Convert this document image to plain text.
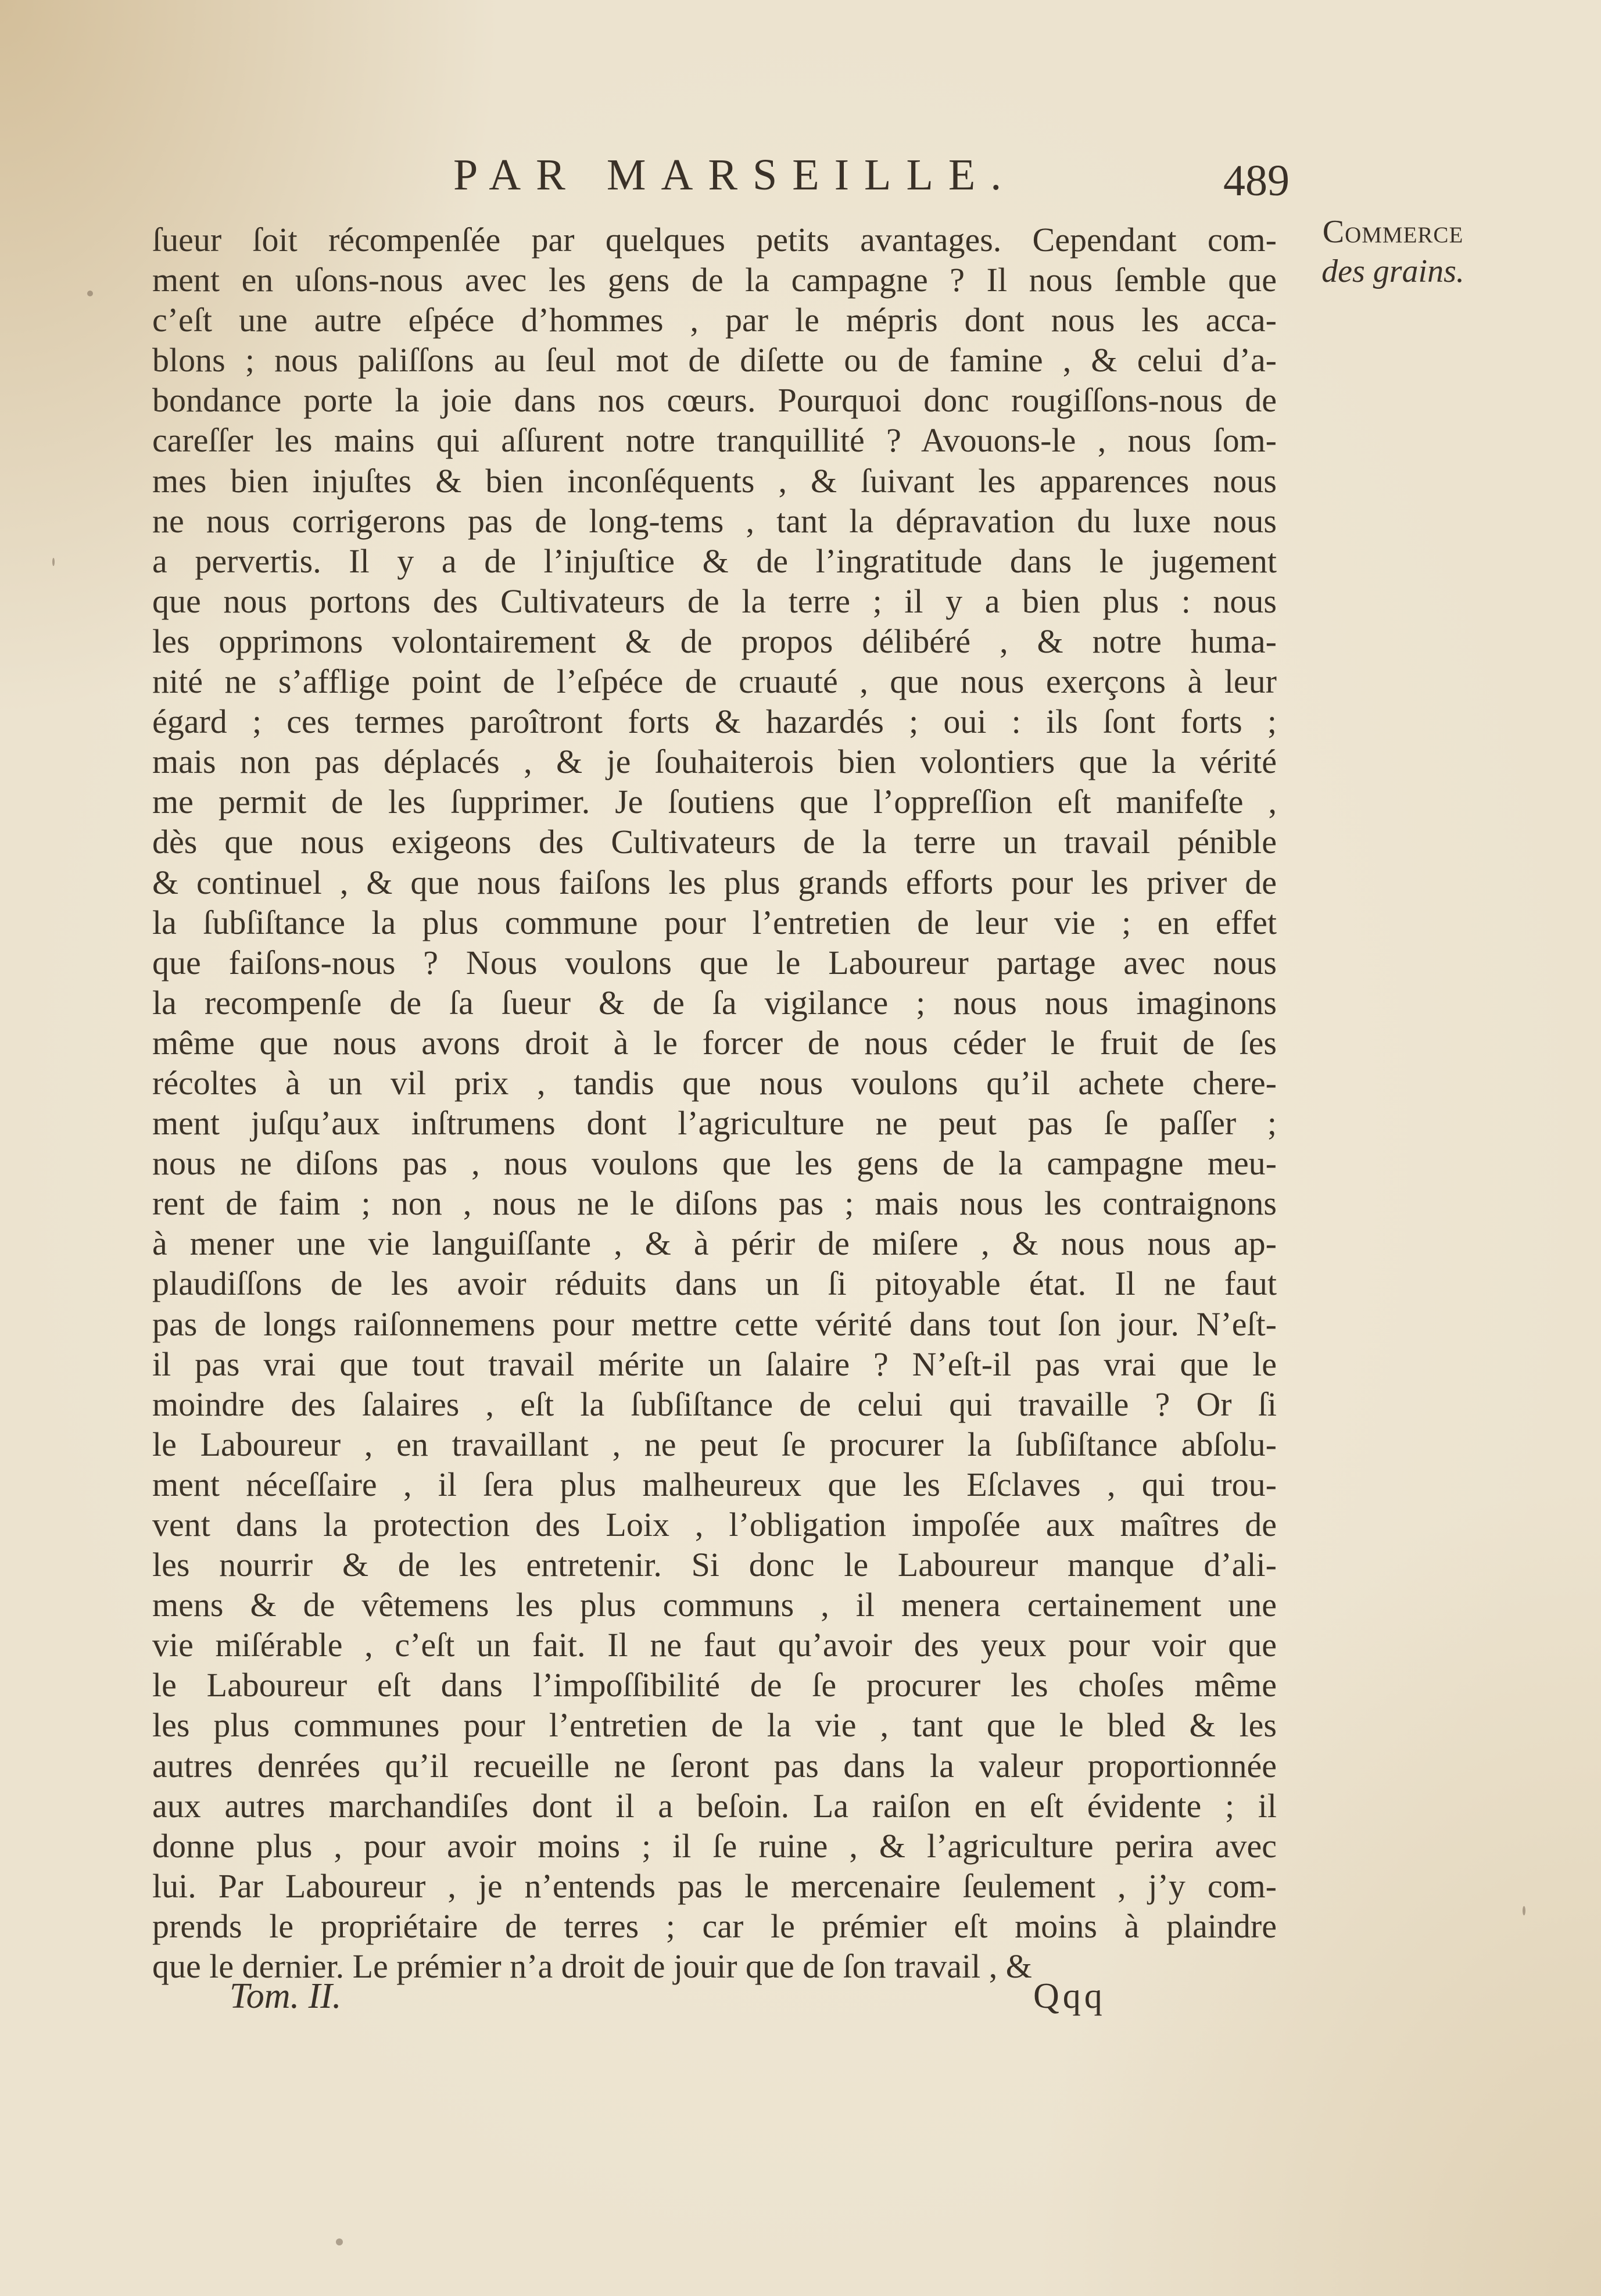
PAR MARSEILLE.	489
Commerce
des grains.
ſueur ſoit récompenſée par quelques petits avantages. Cependant com-
ment en uſons-nous avec les gens de la campagne ? Il nous ſemble que
c’eſt une autre eſpéce d’hommes , par le mépris dont nous les acca-
blons ; nous paliſſons au ſeul mot de diſette ou de famine , & celui d’a-
bondance porte la joie dans nos cœurs. Pourquoi donc rougiſſons-nous de
careſſer les mains qui aſſurent notre tranquillité ? Avouons-le , nous ſom-
mes bien injuſtes & bien inconſéquents , & ſuivant les apparences nous
ne nous corrigerons pas de long-tems , tant la dépravation du luxe nous
a pervertis. Il y a de l’injuſtice & de l’ingratitude dans le jugement
que nous portons des Cultivateurs de la terre ; il y a bien plus : nous
les opprimons volontairement & de propos délibéré , & notre huma-
nité ne s’afflige point de l’eſpéce de cruauté , que nous exerçons à leur
égard ; ces termes paroîtront forts & hazardés ; oui : ils ſont forts ;
mais non pas déplacés , & je ſouhaiterois bien volontiers que la vérité
me permit de les ſupprimer. Je ſoutiens que l’oppreſſion eſt manifeſte ,
dès que nous exigeons des Cultivateurs de la terre un travail pénible
& continuel , & que nous faiſons les plus grands efforts pour les priver de
la ſubſiſtance la plus commune pour l’entretien de leur vie ; en effet
que faiſons-nous ? Nous voulons que le Laboureur partage avec nous
la recompenſe de ſa ſueur & de ſa vigilance ; nous nous imaginons
même que nous avons droit à le forcer de nous céder le fruit de ſes
récoltes à un vil prix , tandis que nous voulons qu’il achete chere-
ment juſqu’aux inſtrumens dont l’agriculture ne peut pas ſe paſſer ;
nous ne diſons pas , nous voulons que les gens de la campagne meu-
rent de faim ; non , nous ne le diſons pas ; mais nous les contraignons
à mener une vie languiſſante , & à périr de miſere , & nous nous ap-
plaudiſſons de les avoir réduits dans un ſi pitoyable état. Il ne faut
pas de longs raiſonnemens pour mettre cette vérité dans tout ſon jour. N’eſt-
il pas vrai que tout travail mérite un ſalaire ? N’eſt-il pas vrai que le
moindre des ſalaires , eſt la ſubſiſtance de celui qui travaille ? Or ſi
le Laboureur , en travaillant , ne peut ſe procurer la ſubſiſtance abſolu-
ment néceſſaire , il ſera plus malheureux que les Eſclaves , qui trou-
vent dans la protection des Loix , l’obligation impoſée aux maîtres de
les nourrir & de les entretenir. Si donc le Laboureur manque d’ali-
mens & de vêtemens les plus communs , il menera certainement une
vie miſérable , c’eſt un fait. Il ne faut qu’avoir des yeux pour voir que
le Laboureur eſt dans l’impoſſibilité de ſe procurer les choſes même
les plus communes pour l’entretien de la vie , tant que le bled & les
autres denrées qu’il recueille ne ſeront pas dans la valeur proportionnée
aux autres marchandiſes dont il a beſoin. La raiſon en eſt évidente ; il
donne plus , pour avoir moins ; il ſe ruine , & l’agriculture perira avec
lui. Par Laboureur , je n’entends pas le mercenaire ſeulement , j’y com-
prends le propriétaire de terres ; car le prémier eſt moins à plaindre
que le dernier. Le prémier n’a droit de jouir que de ſon travail , &
Tom. II.	Qqq
